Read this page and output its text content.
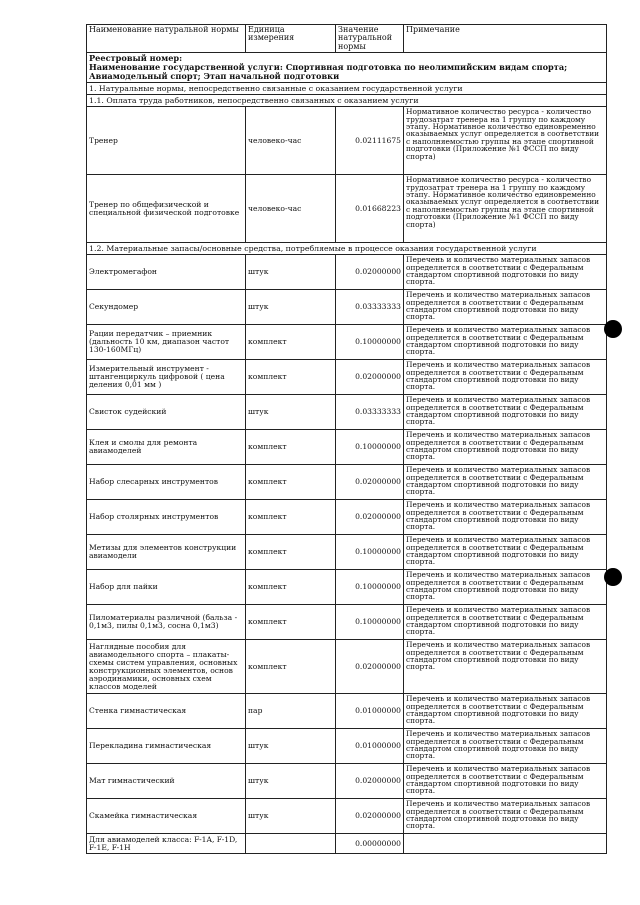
Наименование натуральной нормы	Единица измерения	Значение натуральной нормы	Примечание

Реестровый номер:
Наименование государственной услуги: Спортивная подготовка по неолимпийским видам спорта;
Авиамодельный спорт; Этап начальной подготовки			

1. Натуральные нормы, непосредственно связанные с оказанием государственной услуги			
1.1. Оплата труда работников, непосредственно связанных с оказанием услуги			
Тренер	человеко-час	0.02111675	Нормативное количество ресурса - количество трудозатрат тренера на 1 группу по каждому этапу. Нормативное количество единовременно оказываемых услуг определяется в соответствии с наполняемостью группы на этапе спортивной подготовки (Приложение №1 ФССП по виду спорта)
Тренер по общефизической и специальной физической подготовке	человеко-час	0.01668223	Нормативное количество ресурса - количество трудозатрат тренера на 1 группу по каждому этапу. Нормативное количество единовременно оказываемых услуг определяется в соответствии с наполняемостью группы на этапе спортивной подготовки (Приложение №1 ФССП по виду спорта)
1.2. Материальные запасы/основные средства, потребляемые в процессе оказания государственной услуги			
Электромегафон	штук	0.02000000	Перечень и количество материальных запасов определяется в соответствии с Федеральным стандартом спортивной подготовки по виду спорта.
Секундомер	штук	0.03333333	Перечень и количество материальных запасов определяется в соответствии с Федеральным стандартом спортивной подготовки по виду спорта.
Рации передатчик – приемник (дальность 10 км, диапазон частот 130-160МГц)	комплект	0.10000000	Перечень и количество материальных запасов определяется в соответствии с Федеральным стандартом спортивной подготовки по виду спорта.
Измерительный инструмент - штангенциркуль цифровой ( цена деления 0,01 мм )	комплект	0.02000000	Перечень и количество материальных запасов определяется в соответствии с Федеральным стандартом спортивной подготовки по виду спорта.
Свисток судейский	штук	0.03333333	Перечень и количество материальных запасов определяется в соответствии с Федеральным стандартом спортивной подготовки по виду спорта.
Клея и смолы для ремонта авиамоделей	комплект	0.10000000	Перечень и количество материальных запасов определяется в соответствии с Федеральным стандартом спортивной подготовки по виду спорта.
Набор слесарных инструментов	комплект	0.02000000	Перечень и количество материальных запасов определяется в соответствии с Федеральным стандартом спортивной подготовки по виду спорта.
Набор столярных инструментов	комплект	0.02000000	Перечень и количество материальных запасов определяется в соответствии с Федеральным стандартом спортивной подготовки по виду спорта.
Метизы для элементов конструкции авиамодели	комплект	0.10000000	Перечень и количество материальных запасов определяется в соответствии с Федеральным стандартом спортивной подготовки по виду спорта.
Набор для пайки	комплект	0.10000000	Перечень и количество материальных запасов определяется в соответствии с Федеральным стандартом спортивной подготовки по виду спорта.
Пиломатериалы различной (бальза - 0,1м3, пилы 0,1м3, сосна 0,1м3)	комплект	0.10000000	Перечень и количество материальных запасов определяется в соответствии с Федеральным стандартом спортивной подготовки по виду спорта.
Наглядные пособия для авиамодельного спорта – плакаты-схемы систем управления, основных конструкционных элементов, основ аэродинамики, основных схем классов моделей	комплект	0.02000000	Перечень и количество материальных запасов определяется в соответствии с Федеральным стандартом спортивной подготовки по виду спорта.
Стенка гимнастическая	пар	0.01000000	Перечень и количество материальных запасов определяется в соответствии с Федеральным стандартом спортивной подготовки по виду спорта.
Перекладина гимнастическая	штук	0.01000000	Перечень и количество материальных запасов определяется в соответствии с Федеральным стандартом спортивной подготовки по виду спорта.
Мат гимнастический	штук	0.02000000	Перечень и количество материальных запасов определяется в соответствии с Федеральным стандартом спортивной подготовки по виду спорта.
Скамейка гимнастическая	штук	0.02000000	Перечень и количество материальных запасов определяется в соответствии с Федеральным стандартом спортивной подготовки по виду спорта.
Для авиамоделей класса: F-1A, F-1D, F-1E, F-1H		0.00000000	
